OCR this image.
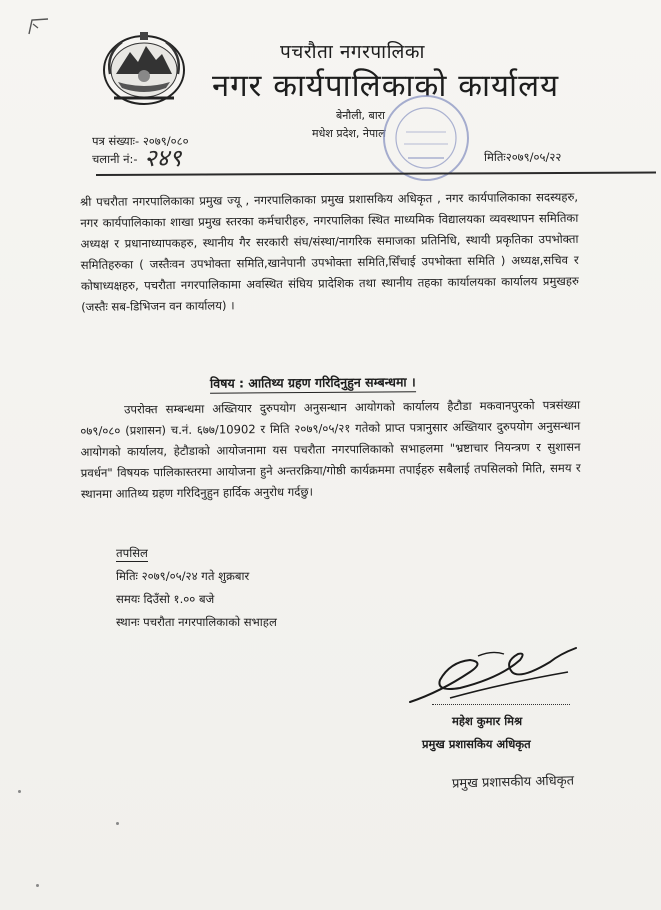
पचरौता नगरपालिका
नगर कार्यपालिकाको कार्यालय
बेनौली, बारा
मधेश प्रदेश, नेपाल
पत्र संख्याः- २०७९/०८०
चलानी नं:- २४९	मितिः२०७९/०५/२२
श्री पचरौता नगरपालिकाका प्रमुख ज्यू , नगरपालिकाका प्रमुख प्रशासकिय अधिकृत , नगर कार्यपालिकाका सदस्यहरु, नगर कार्यपालिकाका शाखा प्रमुख स्तरका कर्मचारीहरु, नगरपालिका स्थित माध्यमिक विद्यालयका व्यवस्थापन समितिका अध्यक्ष र प्रधानाध्यापकहरु, स्थानीय गैर सरकारी संघ/संस्था/नागरिक समाजका प्रतिनिधि, स्थायी प्रकृतिका उपभोक्ता समितिहरुका ( जस्तैःवन उपभोक्ता समिति,खानेपानी उपभोक्ता समिति,सिँचाई उपभोक्ता समिति ) अध्यक्ष,सचिव र कोषाध्यक्षहरु, पचरौता नगरपालिकामा अवस्थित संघिय प्रादेशिक तथा स्थानीय तहका कार्यालयका कार्यालय प्रमुखहरु (जस्तैः सब-डिभिजन वन कार्यालय) ।
विषय : आतिथ्य ग्रहण गरिदिनुहुन सम्बन्धमा ।
उपरोक्त सम्बन्धमा अख्तियार दुरुपयोग अनुसन्धान आयोगको कार्यालय हैटौडा मकवानपुरको पत्रसंख्या ०७९/०८० (प्रशासन) च.नं. ६७७/10902 र मिति २०७९/०५/२१ गतेको प्राप्त पत्रानुसार अख्तियार दुरुपयोग अनुसन्धान आयोगको कार्यालय, हेटौडाको आयोजनामा यस पचरौता नगरपालिकाको सभाहलमा "भ्रष्टाचार नियन्त्रण र सुशासन प्रवर्धन" विषयक पालिकास्तरमा आयोजना हुने अन्तरक्रिया/गोष्ठी कार्यक्रममा तपाईहरु सबैलाई तपसिलको मिति, समय र स्थानमा आतिथ्य ग्रहण गरिदिनुहुन हार्दिक अनुरोध गर्दछु।
तपसिल
मितिः २०७९/०५/२४ गते शुक्रबार
समयः दिउँसो १.०० बजे
स्थानः पचरौता नगरपालिकाको सभाहल
महेश कुमार मिश्र
प्रमुख प्रशासकिय अधिकृत
प्रमुख प्रशासकीय अधिकृत
